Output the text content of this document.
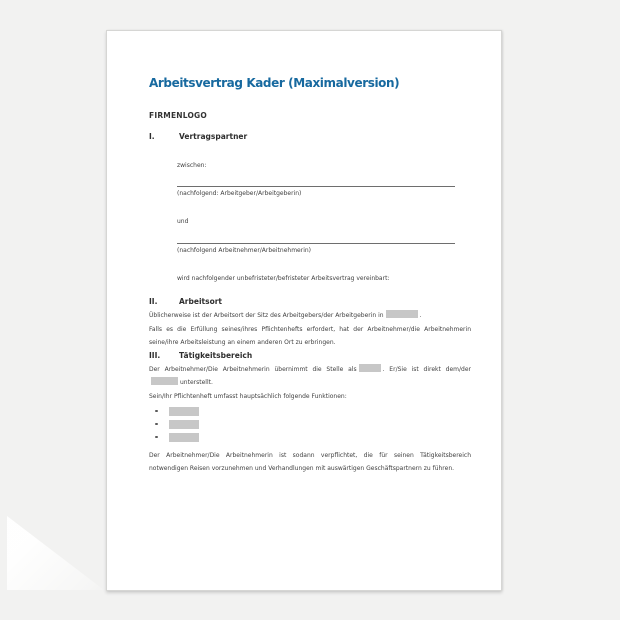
Arbeitsvertrag Kader (Maximalversion)
FIRMENLOGO
I.	Vertragspartner
zwischen:
(nachfolgend: Arbeitgeber/Arbeitgeberin)
und
(nachfolgend Arbeitnehmer/Arbeitnehmerin)
wird nachfolgender unbefristeter/befristeter Arbeitsvertrag vereinbart:
II.	Arbeitsort
Üblicherweise ist der Arbeitsort der Sitz des Arbeitgebers/der Arbeitgeberin in	.
Falls es die Erfüllung seines/ihres Pflichtenhefts erfordert, hat der Arbeitnehmer/die Arbeitnehmerin seine/ihre Arbeitsleistung an einem anderen Ort zu erbringen.
III.	Tätigkeitsbereich
Der Arbeitnehmer/Die Arbeitnehmerin übernimmt die Stelle als	. Er/Sie ist direkt dem/derunterstellt.
Sein/Ihr Pflichtenheft umfasst hauptsächlich folgende Funktionen:
Der Arbeitnehmer/Die Arbeitnehmerin ist sodann verpflichtet, die für seinen Tätigkeitsbereich notwendigen Reisen vorzunehmen und Verhandlungen mit auswärtigen Geschäftspartnern zu führen.
